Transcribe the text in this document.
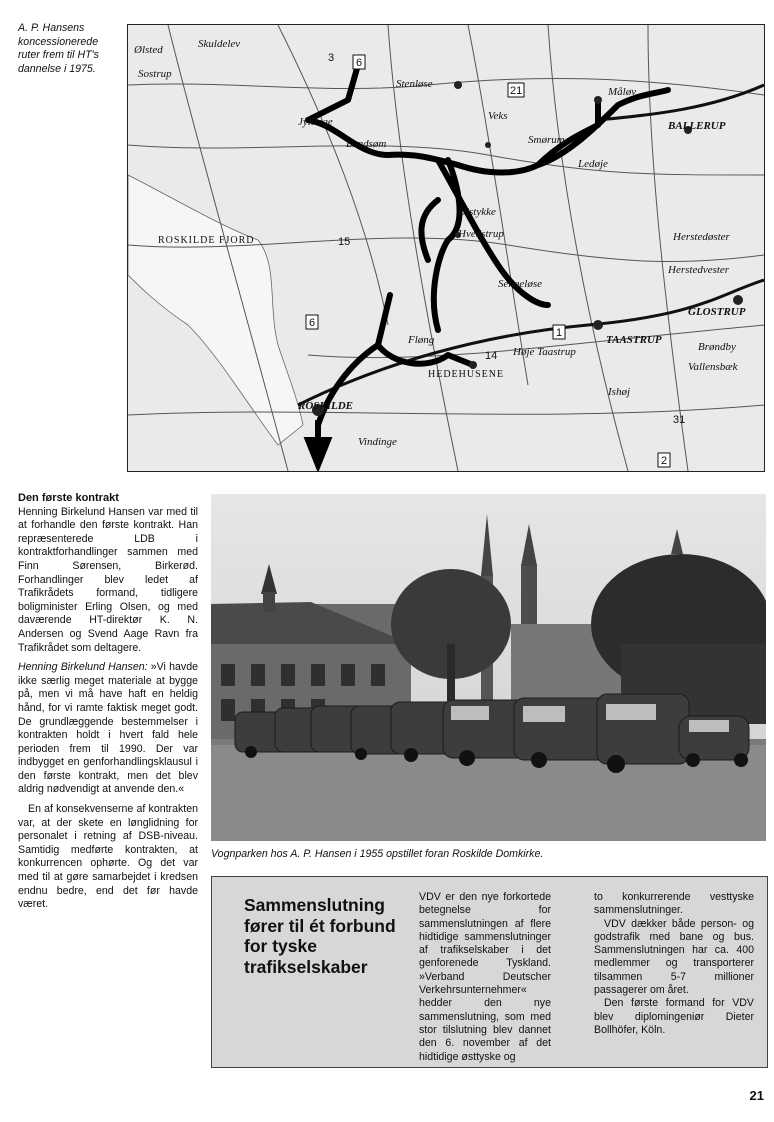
A. P. Hansens koncessionerede ruter frem til HT's dannelse i 1975.
Ølsted	Skuldelev
Sostrup
Stenløse
Måløv
BALLERUP
Veks
Smørum
Jyllinge
Lundsøm
Ledøje
Ølstykke
Hvedstrup
ROSKILDE FJORD	Herstedøster
Herstedvester
GLOSTRUP
TAASTRUP
Høje Taastrup
HEDEHUSENE
ROSKILDE
Vindinge
Fløng
Ishøj
Vallensbæk
Brøndby
Sengeløse
6
3
21
15
6
14
1
31
2
Den første kontrakt

Henning Birkelund Hansen var med til at forhandle den første kontrakt. Han repræsenterede LDB i kontraktforhandlinger sammen med Finn Sørensen, Birkerød. Forhandlinger blev ledet af Trafikrådets formand, tidligere boligminister Erling Olsen, og med daværende HT-direktør K. N. Andersen og Svend Aage Ravn fra Trafikrådet som deltagere.

Henning Birkelund Hansen: »Vi havde ikke særlig meget materiale at bygge på, men vi må have haft en heldig hånd, for vi ramte faktisk meget godt. De grundlæggende bestemmelser i kontrakten holdt i hvert fald hele perioden frem til 1990. Der var indbygget en genforhandlingsklausul i den første kontrakt, men det blev aldrig nødvendigt at anvende den.«

En af konsekvenserne af kontrakten var, at der skete en lønglidning for personalet i retning af DSB-niveau. Samtidig medførte kontrakten, at konkurrencen ophørte. Og det var med til at gøre samarbejdet i kredsen endnu bedre, end det før havde været.

Vognparken hos A. P. Hansen i 1955 opstillet foran Roskilde Domkirke.
Sammenslutning fører til ét forbund for tyske trafikselskaber

VDV er den nye forkortede betegnelse for sammenslutningen af flere hidtidige sammenslutninger af trafikselskaber i det genforenede Tyskland. »Verband Deutscher Verkehrsunternehmer« hedder den nye sammenslutning, som med stor tilslutning blev dannet den 6. november af det hidtidige østtyske og

to konkurrerende vesttyske sammenslutninger.

VDV dækker både person- og godstrafik med bane og bus. Sammenslutningen har ca. 400 medlemmer og transporterer tilsammen 5-7 millioner passagerer om året.

Den første formand for VDV blev diplomingeniør Dieter Bollhöfer, Köln.

21
